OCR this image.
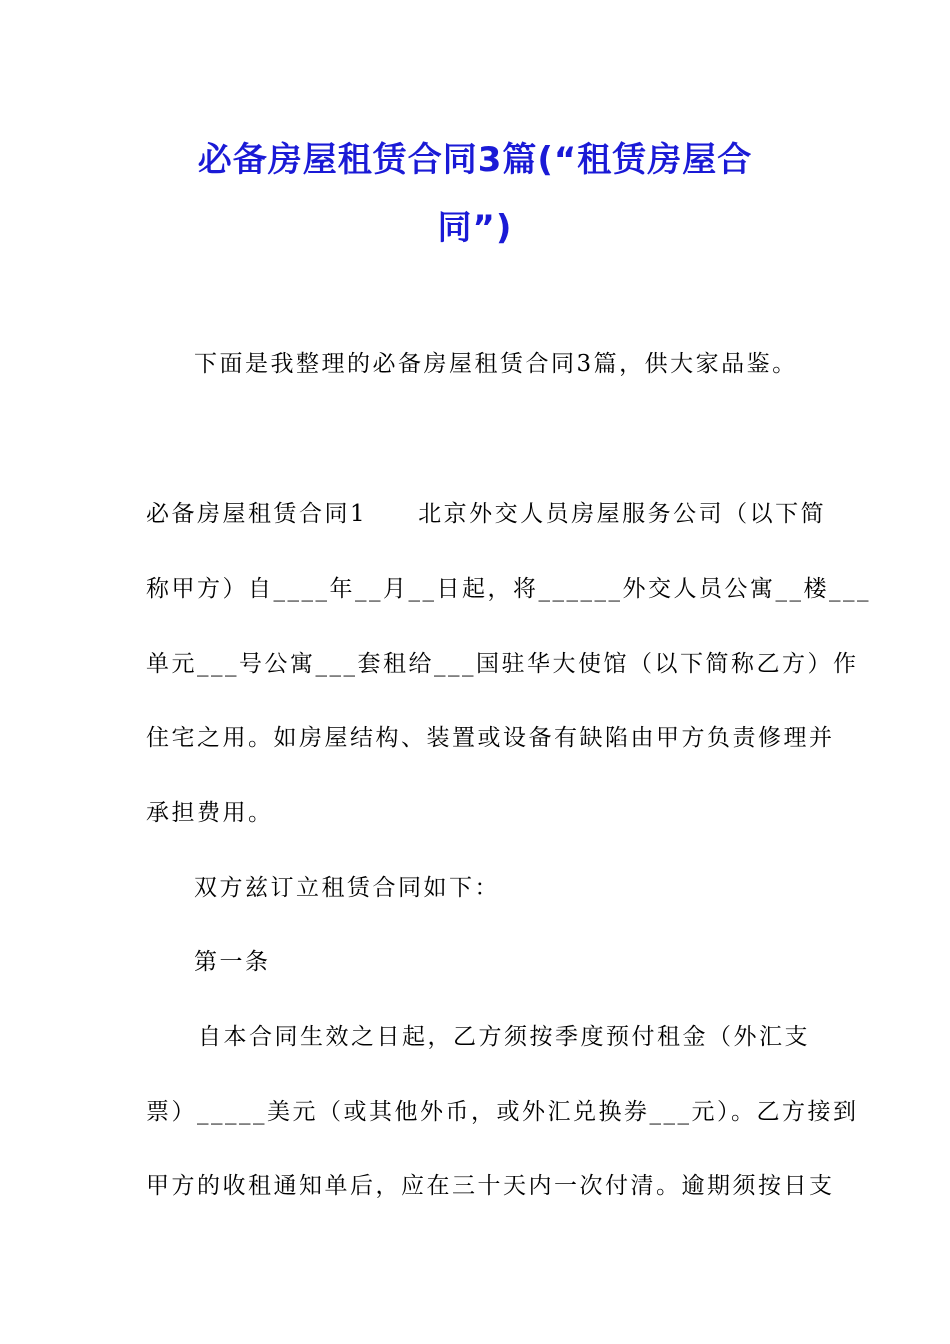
必备房屋租赁合同3篇(“租赁房屋合
同”)
下面是我整理的必备房屋租赁合同3篇，供大家品鉴。
必备房屋租赁合同1　　北京外交人员房屋服务公司（以下简
称甲方）自____年__月__日起，将______外交人员公寓__楼___
单元___号公寓___套租给___国驻华大使馆（以下简称乙方）作
住宅之用。如房屋结构、装置或设备有缺陷由甲方负责修理并
承担费用。
双方兹订立租赁合同如下：
第一条
自本合同生效之日起，乙方须按季度预付租金（外汇支
票）_____美元（或其他外币，或外汇兑换券___元）。乙方接到
甲方的收租通知单后，应在三十天内一次付清。逾期须按日支
